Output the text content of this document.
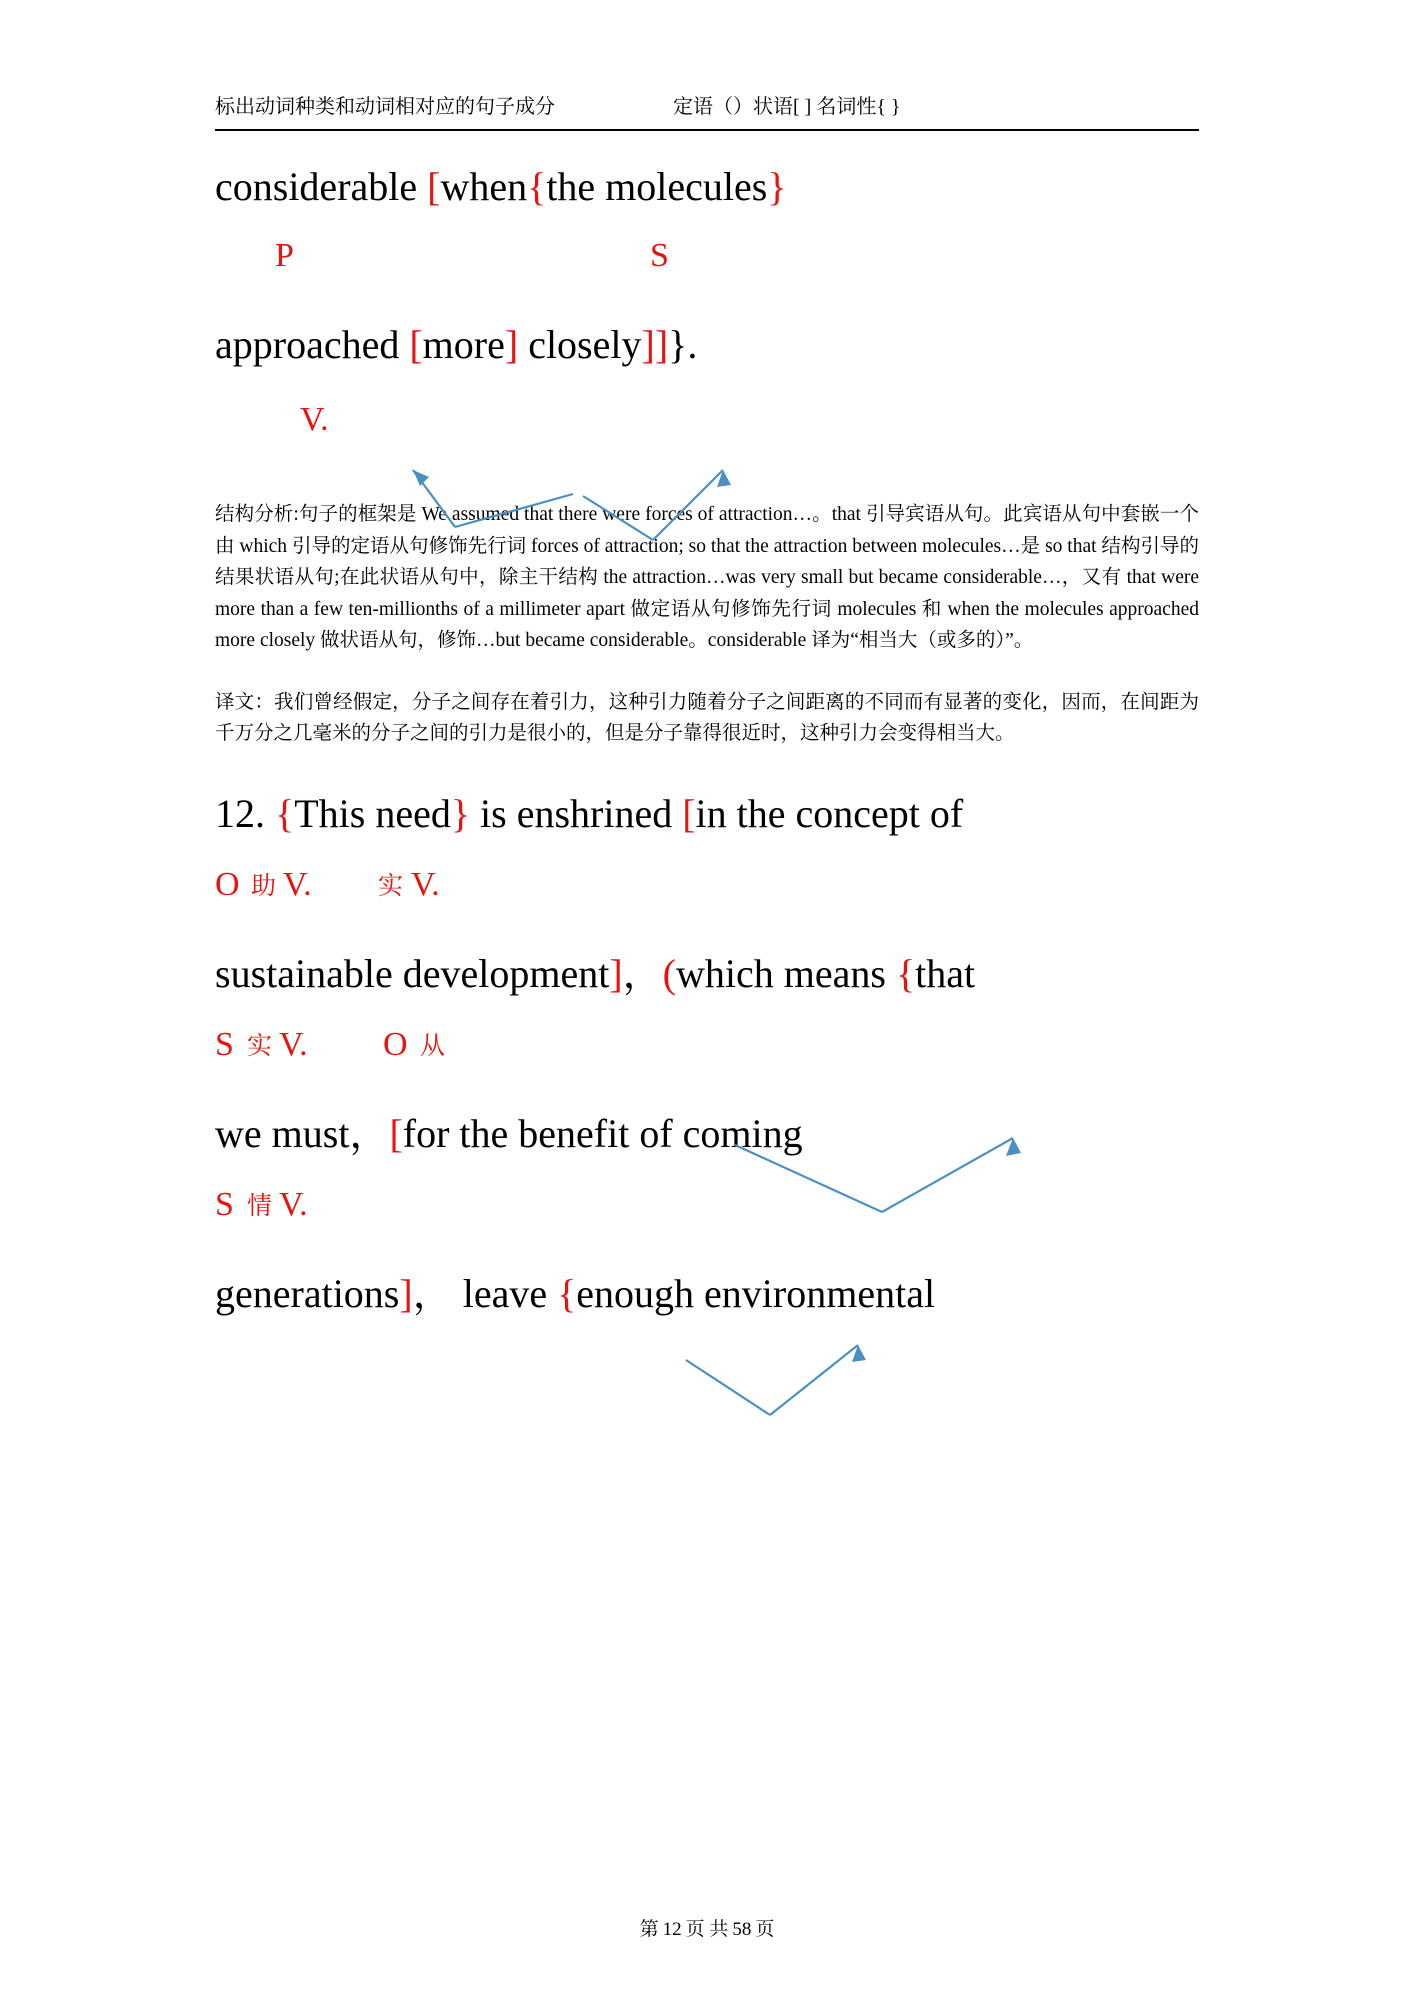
标出动词种类和动词相对应的句子成分	定语（）状语[ ] 名词性{ }
considerable [when{the molecules}
P	S
approached [more] closely]]}.
V.
结构分析:句子的框架是 We assumed that there were forces of attraction…。that 引导宾语从句。此宾语从句中套嵌一个由 which 引导的定语从句修饰先行词 forces of attraction; so that the attraction between molecules…是 so that 结构引导的结果状语从句;在此状语从句中，除主干结构 the attraction…was very small but became considerable…，又有 that were more than a few ten-millionths of a millimeter apart 做定语从句修饰先行词 molecules 和 when the molecules approached more closely 做状语从句，修饰…but became considerable。considerable 译为“相当大（或多的）”。
译文：我们曾经假定，分子之间存在着引力，这种引力随着分子之间距离的不同而有显著的变化，因而，在间距为千万分之几毫米的分子之间的引力是很小的，但是分子靠得很近时，这种引力会变得相当大。
12. {This need} is enshrined [in the concept of
O 助 V.	实 V.
sustainable development]，(which means {that
S 实 V. O 从
we must，[for the benefit of coming
S 情 V.
generations]， leave {enough environmental
第 12 页 共 58 页
